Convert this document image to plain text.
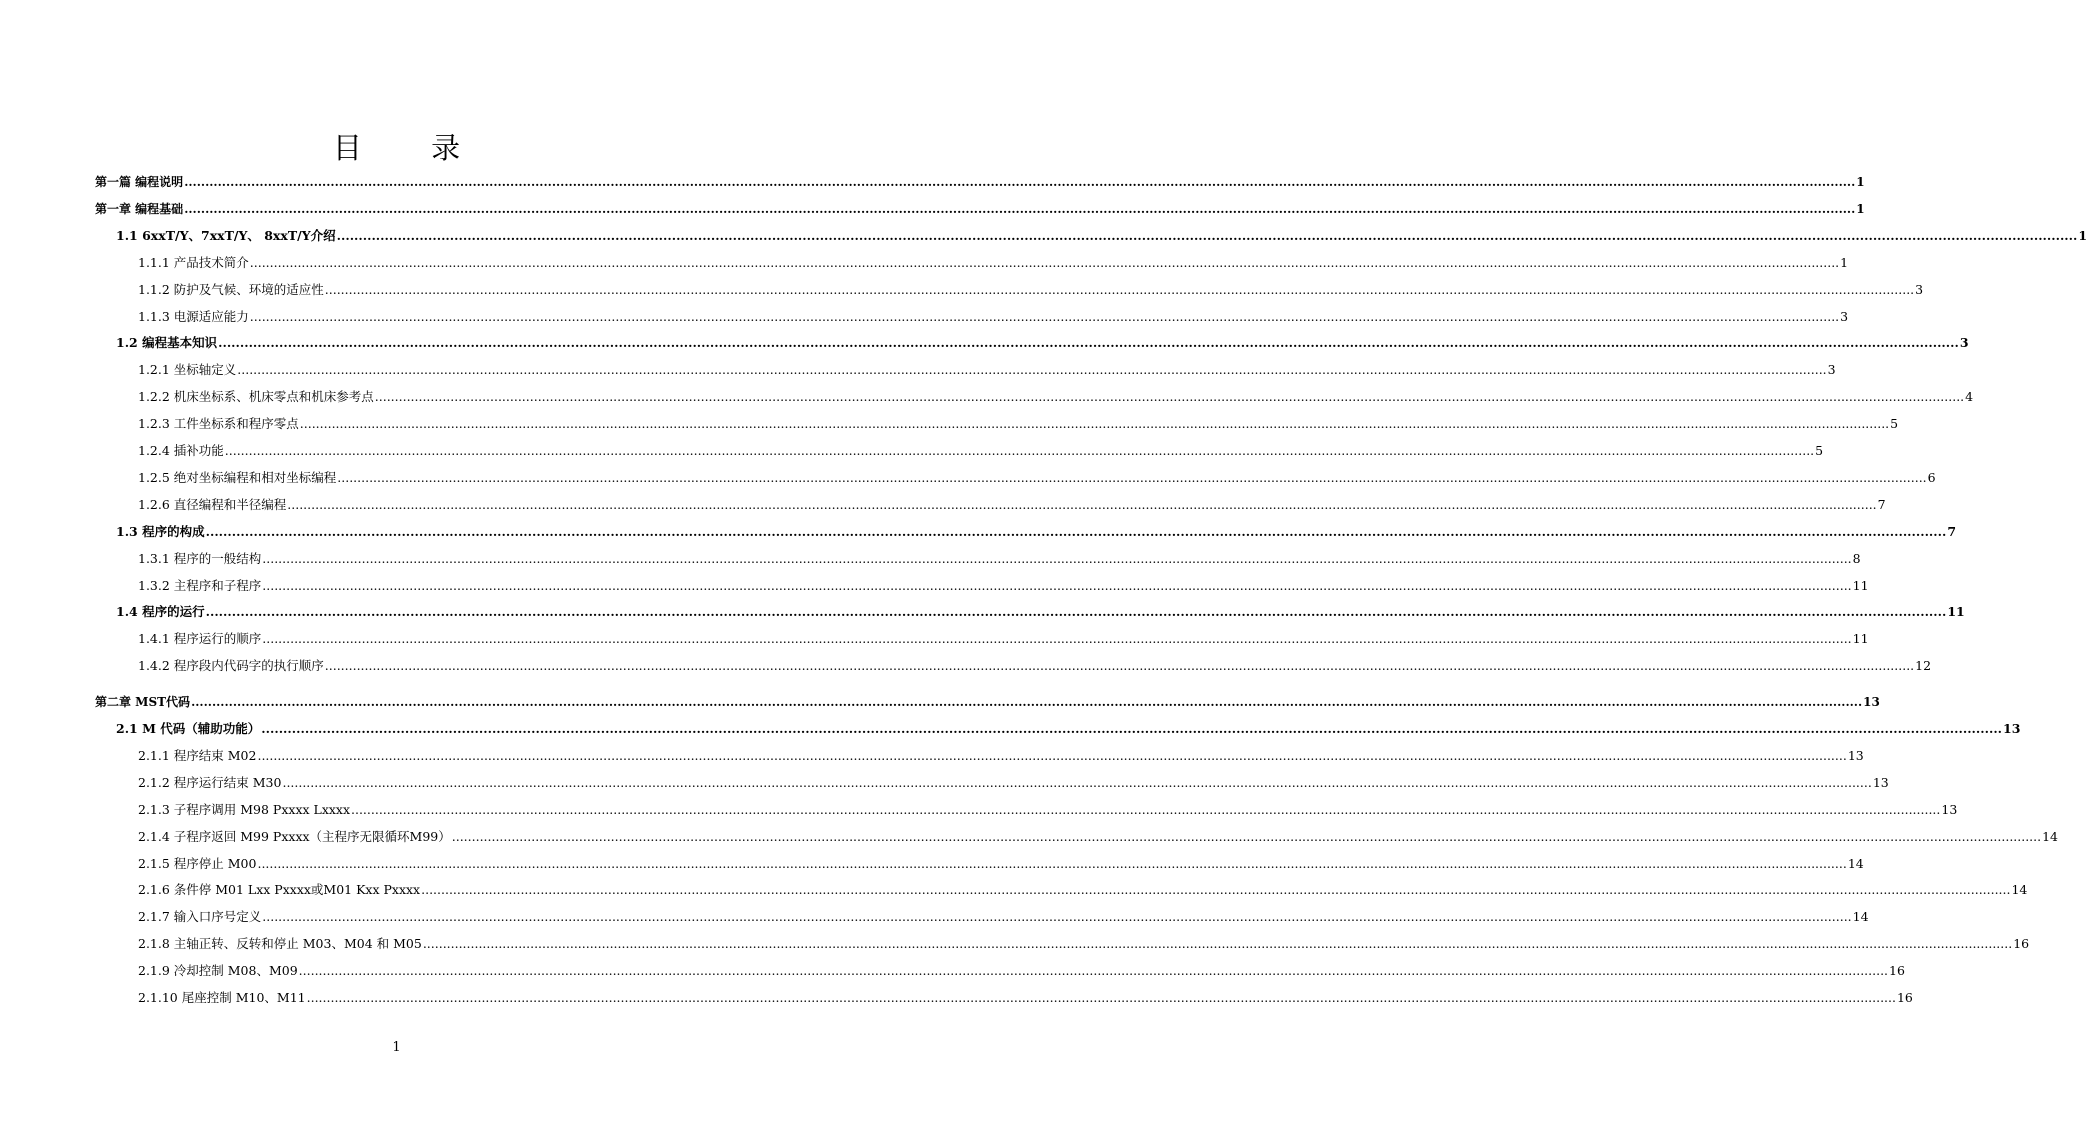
目 录
第一篇 编程说明 ................................................................................................................................................................................................................................................................................................................................................................................................................ 1
第一章 编程基础 ................................................................................................................................................................................................................................................................................................................................................................................................................ 1
1.1 6xxT/Y、7xxT/Y、 8xxT/Y介绍 ................................................................................................................................................................................................................................................................................................................................................................................................................ 1
1.1.1 产品技术简介 ................................................................................................................................................................................................................................................................................................................................................................................................................ 1
1.1.2 防护及气候、环境的适应性 ................................................................................................................................................................................................................................................................................................................................................................................................................ 3
1.1.3 电源适应能力 ................................................................................................................................................................................................................................................................................................................................................................................................................ 3
1.2 编程基本知识 ................................................................................................................................................................................................................................................................................................................................................................................................................ 3
1.2.1 坐标轴定义 ................................................................................................................................................................................................................................................................................................................................................................................................................ 3
1.2.2 机床坐标系、机床零点和机床参考点 ................................................................................................................................................................................................................................................................................................................................................................................................................ 4
1.2.3 工件坐标系和程序零点 ................................................................................................................................................................................................................................................................................................................................................................................................................ 5
1.2.4 插补功能 ................................................................................................................................................................................................................................................................................................................................................................................................................ 5
1.2.5 绝对坐标编程和相对坐标编程 ................................................................................................................................................................................................................................................................................................................................................................................................................ 6
1.2.6 直径编程和半径编程 ................................................................................................................................................................................................................................................................................................................................................................................................................ 7
1.3 程序的构成 ................................................................................................................................................................................................................................................................................................................................................................................................................ 7
1.3.1 程序的一般结构 ................................................................................................................................................................................................................................................................................................................................................................................................................ 8
1.3.2 主程序和子程序 ................................................................................................................................................................................................................................................................................................................................................................................................................ 11
1.4 程序的运行 ................................................................................................................................................................................................................................................................................................................................................................................................................ 11
1.4.1 程序运行的顺序 ................................................................................................................................................................................................................................................................................................................................................................................................................ 11
1.4.2 程序段内代码字的执行顺序 ................................................................................................................................................................................................................................................................................................................................................................................................................ 12
第二章 MST代码 ................................................................................................................................................................................................................................................................................................................................................................................................................ 13
2.1 M 代码（辅助功能） ................................................................................................................................................................................................................................................................................................................................................................................................................ 13
2.1.1 程序结束 M02 ................................................................................................................................................................................................................................................................................................................................................................................................................ 13
2.1.2 程序运行结束 M30 ................................................................................................................................................................................................................................................................................................................................................................................................................ 13
2.1.3 子程序调用 M98 Pxxxx Lxxxx ................................................................................................................................................................................................................................................................................................................................................................................................................ 13
2.1.4 子程序返回 M99 Pxxxx（主程序无限循环M99） ................................................................................................................................................................................................................................................................................................................................................................................................................ 14
2.1.5 程序停止 M00 ................................................................................................................................................................................................................................................................................................................................................................................................................ 14
2.1.6 条件停 M01 Lxx Pxxxx或M01 Kxx Pxxxx ................................................................................................................................................................................................................................................................................................................................................................................................................ 14
2.1.7 输入口序号定义 ................................................................................................................................................................................................................................................................................................................................................................................................................ 14
2.1.8 主轴正转、反转和停止 M03、M04 和 M05 ................................................................................................................................................................................................................................................................................................................................................................................................................ 16
2.1.9 冷却控制 M08、M09 ................................................................................................................................................................................................................................................................................................................................................................................................................ 16
2.1.10 尾座控制 M10、M11 ................................................................................................................................................................................................................................................................................................................................................................................................................ 16
1
